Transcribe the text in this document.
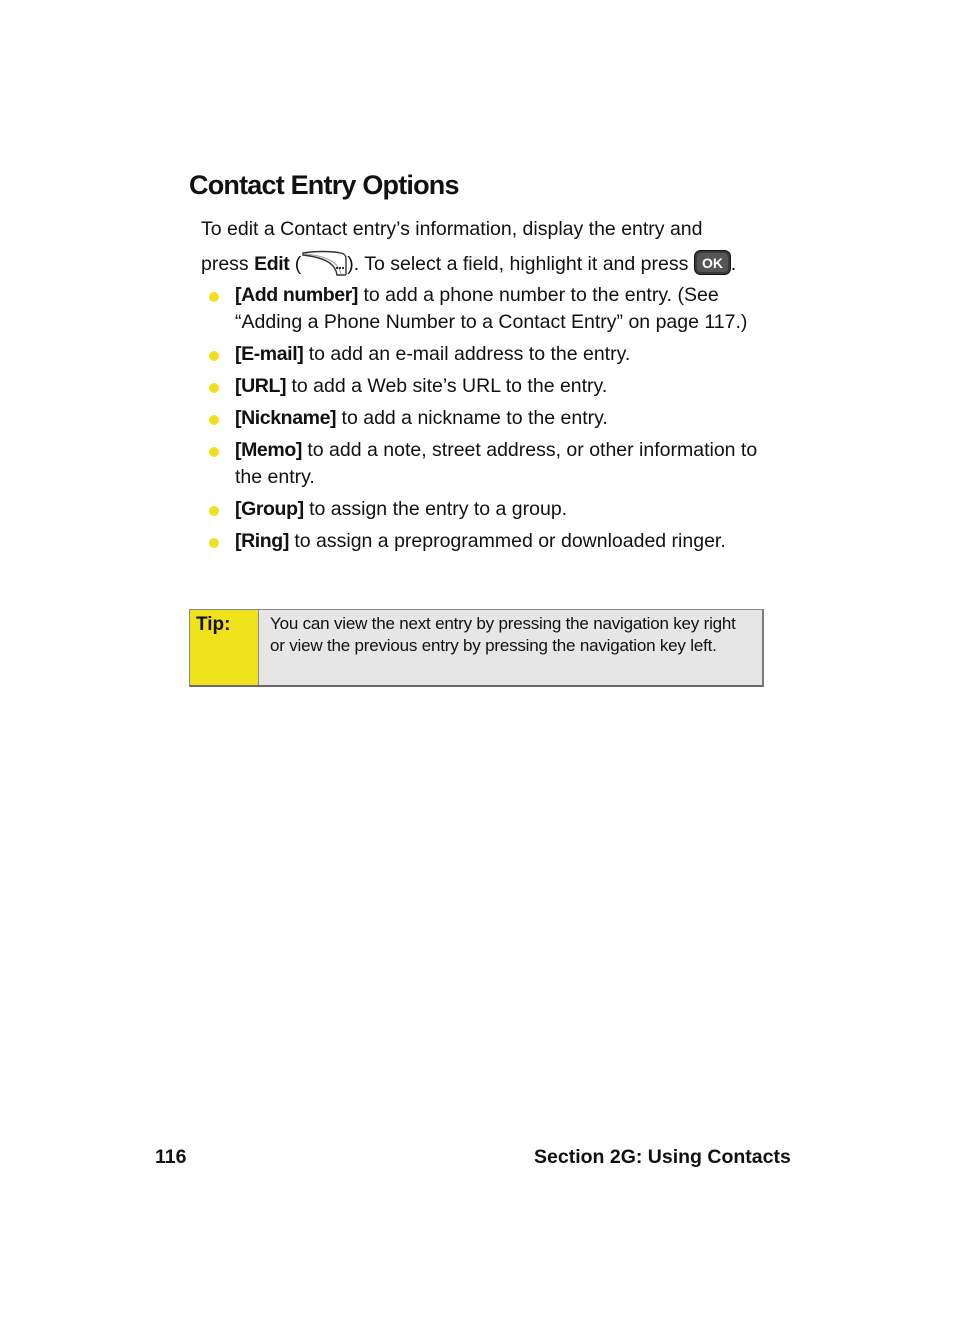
Contact Entry Options

To edit a Contact entry’s information, display the entry and
press Edit ( ). To select a field, highlight it and press OK .

[Add number] to add a phone number to the entry. (See “Adding a Phone Number to a Contact Entry” on page 117.)
[E-mail] to add an e-mail address to the entry.
[URL] to add a Web site’s URL to the entry.
[Nickname] to add a nickname to the entry.
[Memo] to add a note, street address, or other information to the entry.
[Group] to assign the entry to a group.
[Ring] to assign a preprogrammed or downloaded ringer.
Tip:	You can view the next entry by pressing the navigation key right or view the previous entry by pressing the navigation key left.
116	Section 2G: Using Contacts
